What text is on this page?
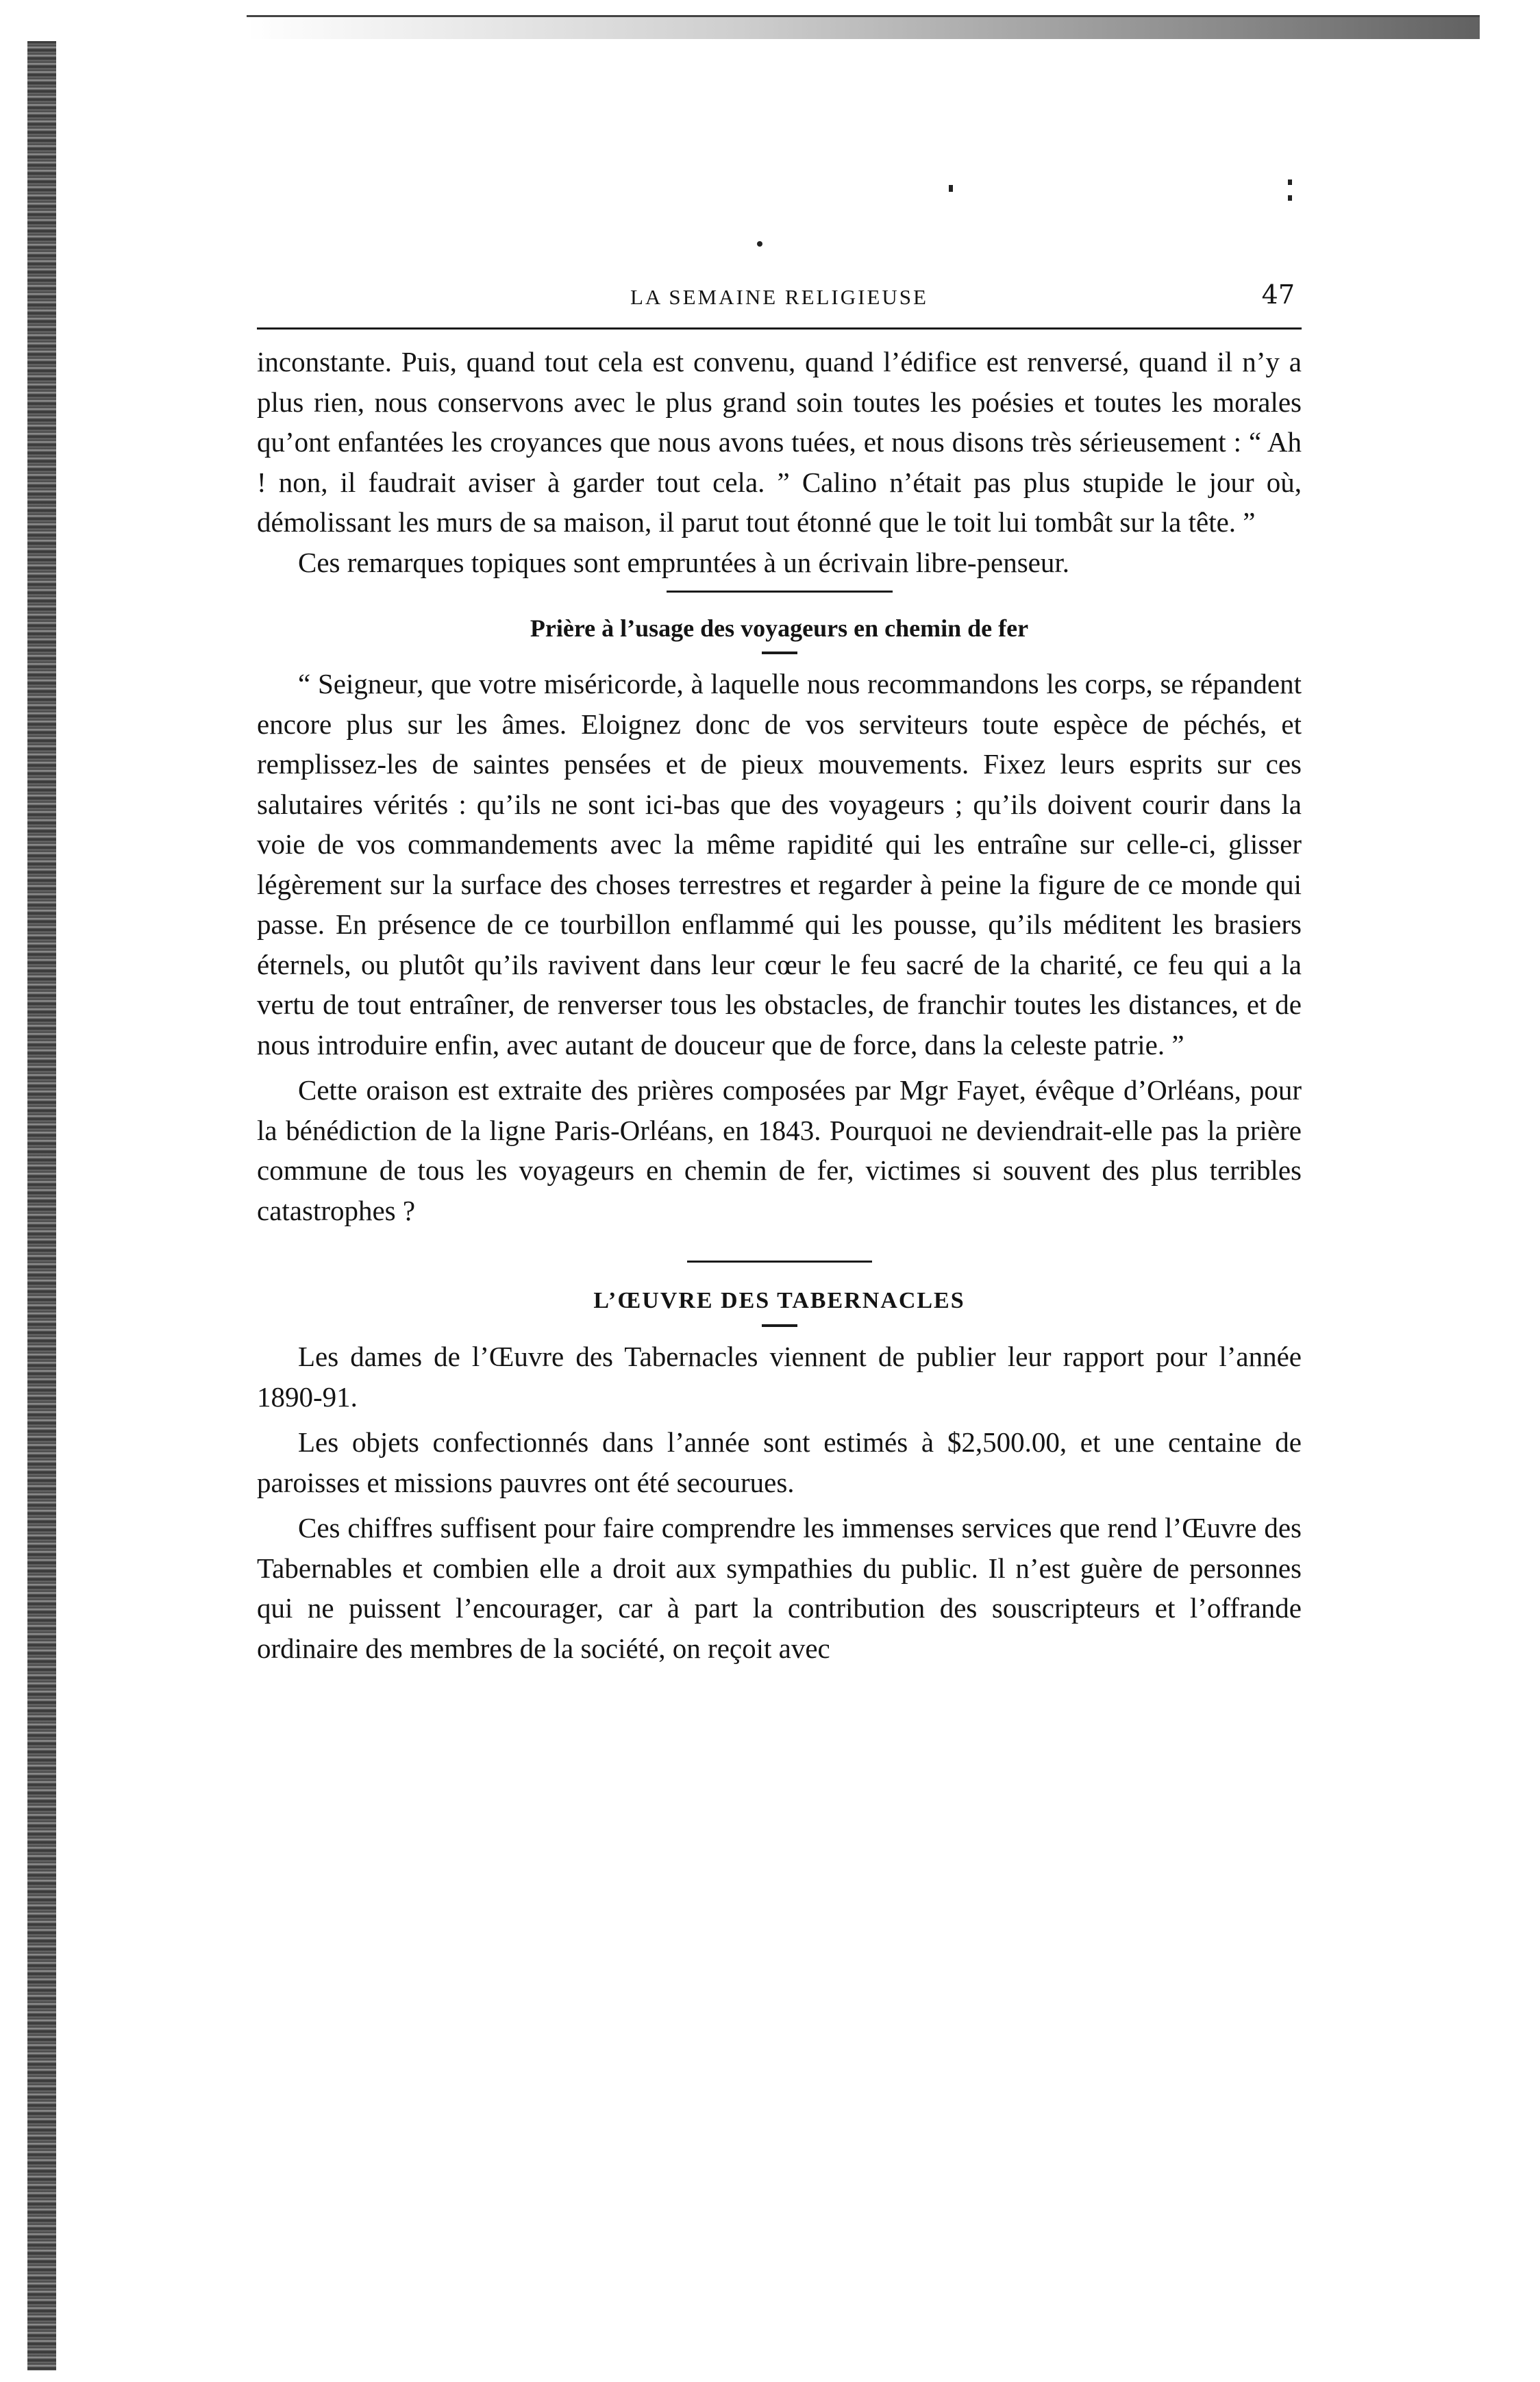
LA SEMAINE RELIGIEUSE	47

inconstante. Puis, quand tout cela est convenu, quand l’édifice est renversé, quand il n’y a plus rien, nous conservons avec le plus grand soin toutes les poésies et toutes les morales qu’ont enfantées les croyances que nous avons tuées, et nous disons très sérieusement : “ Ah ! non, il faudrait aviser à garder tout cela. ” Calino n’était pas plus stupide le jour où, démolissant les murs de sa maison, il parut tout étonné que le toit lui tombât sur la tête. ”

Ces remarques topiques sont empruntées à un écrivain libre-penseur.

Prière à l’usage des voyageurs en chemin de fer

“ Seigneur, que votre miséricorde, à laquelle nous recommandons les corps, se répandent encore plus sur les âmes. Eloignez donc de vos serviteurs toute espèce de péchés, et remplissez-les de saintes pensées et de pieux mouvements. Fixez leurs esprits sur ces salutaires vérités : qu’ils ne sont ici-bas que des voyageurs ; qu’ils doivent courir dans la voie de vos commandements avec la même rapidité qui les entraîne sur celle-ci, glisser légèrement sur la surface des choses terrestres et regarder à peine la figure de ce monde qui passe. En présence de ce tourbillon enflammé qui les pousse, qu’ils méditent les brasiers éternels, ou plutôt qu’ils ravivent dans leur cœur le feu sacré de la charité, ce feu qui a la vertu de tout entraîner, de renverser tous les obstacles, de franchir toutes les distances, et de nous introduire enfin, avec autant de douceur que de force, dans la celeste patrie. ”

Cette oraison est extraite des prières composées par Mgr Fayet, évêque d’Orléans, pour la bénédiction de la ligne Paris-Orléans, en 1843. Pourquoi ne deviendrait-elle pas la prière commune de tous les voyageurs en chemin de fer, victimes si souvent des plus terribles catastrophes ?

L’ŒUVRE DES TABERNACLES

Les dames de l’Œuvre des Tabernacles viennent de publier leur rapport pour l’année 1890-91.

Les objets confectionnés dans l’année sont estimés à $2,500.00, et une centaine de paroisses et missions pauvres ont été secourues.

Ces chiffres suffisent pour faire comprendre les immenses services que rend l’Œuvre des Tabernables et combien elle a droit aux sympathies du public. Il n’est guère de personnes qui ne puissent l’encourager, car à part la contribution des souscripteurs et l’offrande ordinaire des membres de la société, on reçoit avec
